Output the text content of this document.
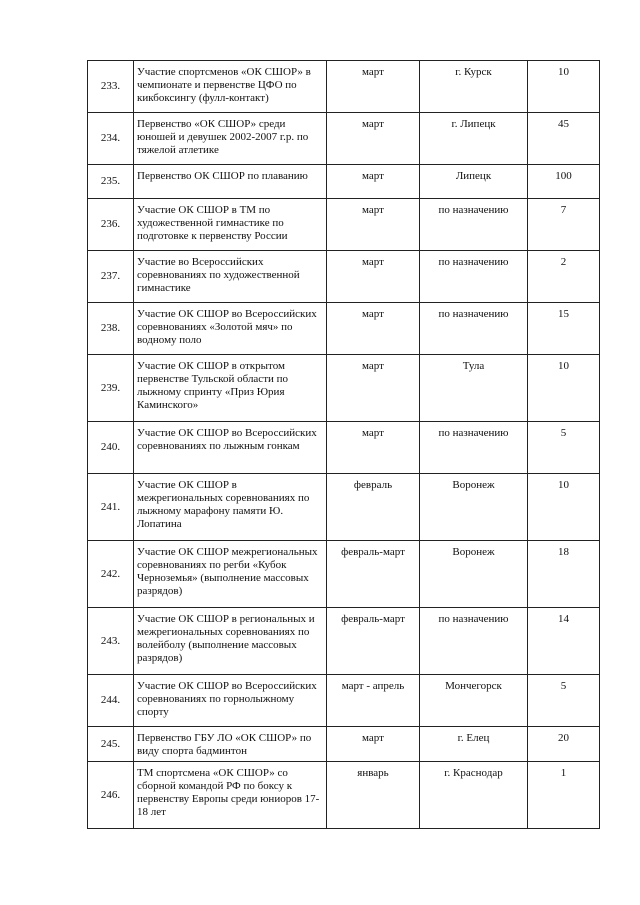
233.	Участие спортсменов «ОК СШОР» в чемпионате и первенстве ЦФО по кикбоксингу (фулл-контакт)	март	г. Курск	10
234.	Первенство «ОК СШОР» среди юношей и девушек 2002-2007 г.р. по тяжелой атлетике	март	г. Липецк	45
235.	Первенство ОК СШОР по плаванию	март	Липецк	100
236.	Участие ОК СШОР в ТМ по художественной гимнастике по подготовке к первенству России	март	по назначению	7
237.	Участие во Всероссийских соревнованиях по художественной гимнастике	март	по назначению	2
238.	Участие ОК СШОР во Всероссийских соревнованиях «Золотой мяч» по водному поло	март	по назначению	15
239.	Участие ОК СШОР в открытом первенстве Тульской области по лыжному спринту «Приз Юрия Каминского»	март	Тула	10
240.	Участие ОК СШОР во Всероссийских соревнованиях по лыжным гонкам	март	по назначению	5
241.	Участие ОК СШОР в межрегиональных соревнованиях по лыжному марафону памяти Ю. Лопатина	февраль	Воронеж	10
242.	Участие ОК СШОР межрегиональных соревнованиях по регби «Кубок Черноземья» (выполнение массовых разрядов)	февраль-март	Воронеж	18
243.	Участие ОК СШОР в региональных и межрегиональных соревнованиях по волейболу (выполнение массовых разрядов)	февраль-март	по назначению	14
244.	Участие ОК СШОР во Всероссийских соревнованиях по горнолыжному спорту	март - апрель	Мончегорск	5
245.	Первенство ГБУ ЛО «ОК СШОР» по виду спорта бадминтон	март	г. Елец	20
246.	ТМ спортсмена «ОК СШОР» со сборной командой РФ по боксу к первенству Европы среди юниоров 17-18 лет	январь	г. Краснодар	1
